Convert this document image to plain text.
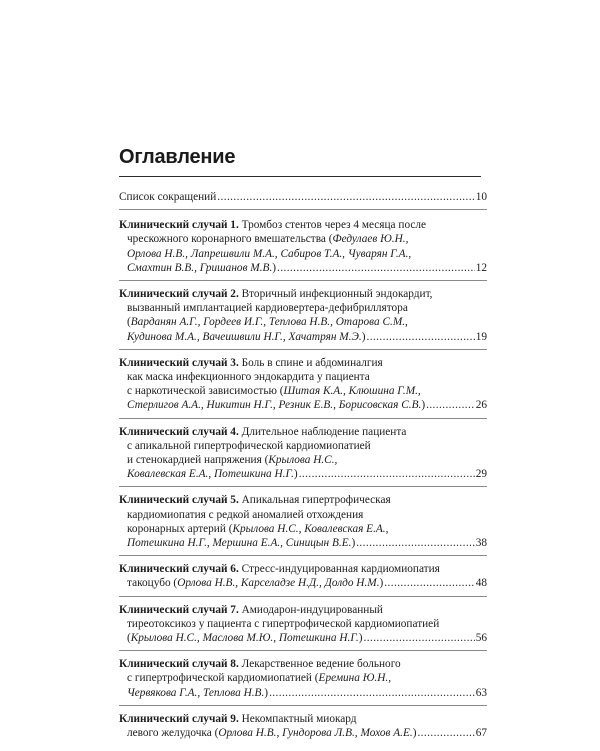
Оглавление
Список сокращений .....	10
Клинический случай 1. Тромбоз стентов через 4 месяца после
чрескожного коронарного вмешательства (Федулаев Ю.Н.,
Орлова Н.В., Лапрешвили М.А., Сабиров Т.А., Чуварян Г.А.,
Смахтин В.В., Гришанов М.В.) .....	12
Клинический случай 2. Вторичный инфекционный эндокардит,
вызванный имплантацией кардиовертера-дефибриллятора
(Варданян А.Г., Гордеев И.Г., Теплова Н.В., Отарова С.М.,
Кудинова М.А., Вачеишвили Н.Г., Хачатрян М.Э.) .....	19
Клинический случай 3. Боль в спине и абдоминалгия
как маска инфекционного эндокардита у пациента
с наркотической зависимостью (Шитая К.А., Клюшина Г.М.,
Стерлигов А.А., Никитин Н.Г., Резник Е.В., Борисовская С.В.) .....	26
Клинический случай 4. Длительное наблюдение пациента
с апикальной гипертрофической кардиомиопатией
и стенокардией напряжения (Крылова Н.С.,
Ковалевская Е.А., Потешкина Н.Г.) .....	29
Клинический случай 5. Апикальная гипертрофическая
кардиомиопатия с редкой аномалией отхождения
коронарных артерий (Крылова Н.С., Ковалевская Е.А.,
Потешкина Н.Г., Мершина Е.А., Синицын В.Е.) .....	38
Клинический случай 6. Стресс-индуцированная кардиомиопатия
такоцубо (Орлова Н.В., Карселадзе Н.Д., Долдо Н.М.) .....	48
Клинический случай 7. Амиодарон-индуцированный
тиреотоксикоз у пациента с гипертрофической кардиомиопатией
(Крылова Н.С., Маслова М.Ю., Потешкина Н.Г.) .....	56
Клинический случай 8. Лекарственное ведение больного
с гипертрофической кардиомиопатией (Еремина Ю.Н.,
Червякова Г.А., Теплова Н.В.) .....	63
Клинический случай 9. Некомпактный миокард
левого желудочка (Орлова Н.В., Гундорова Л.В., Мохов А.Е.) .....	67
